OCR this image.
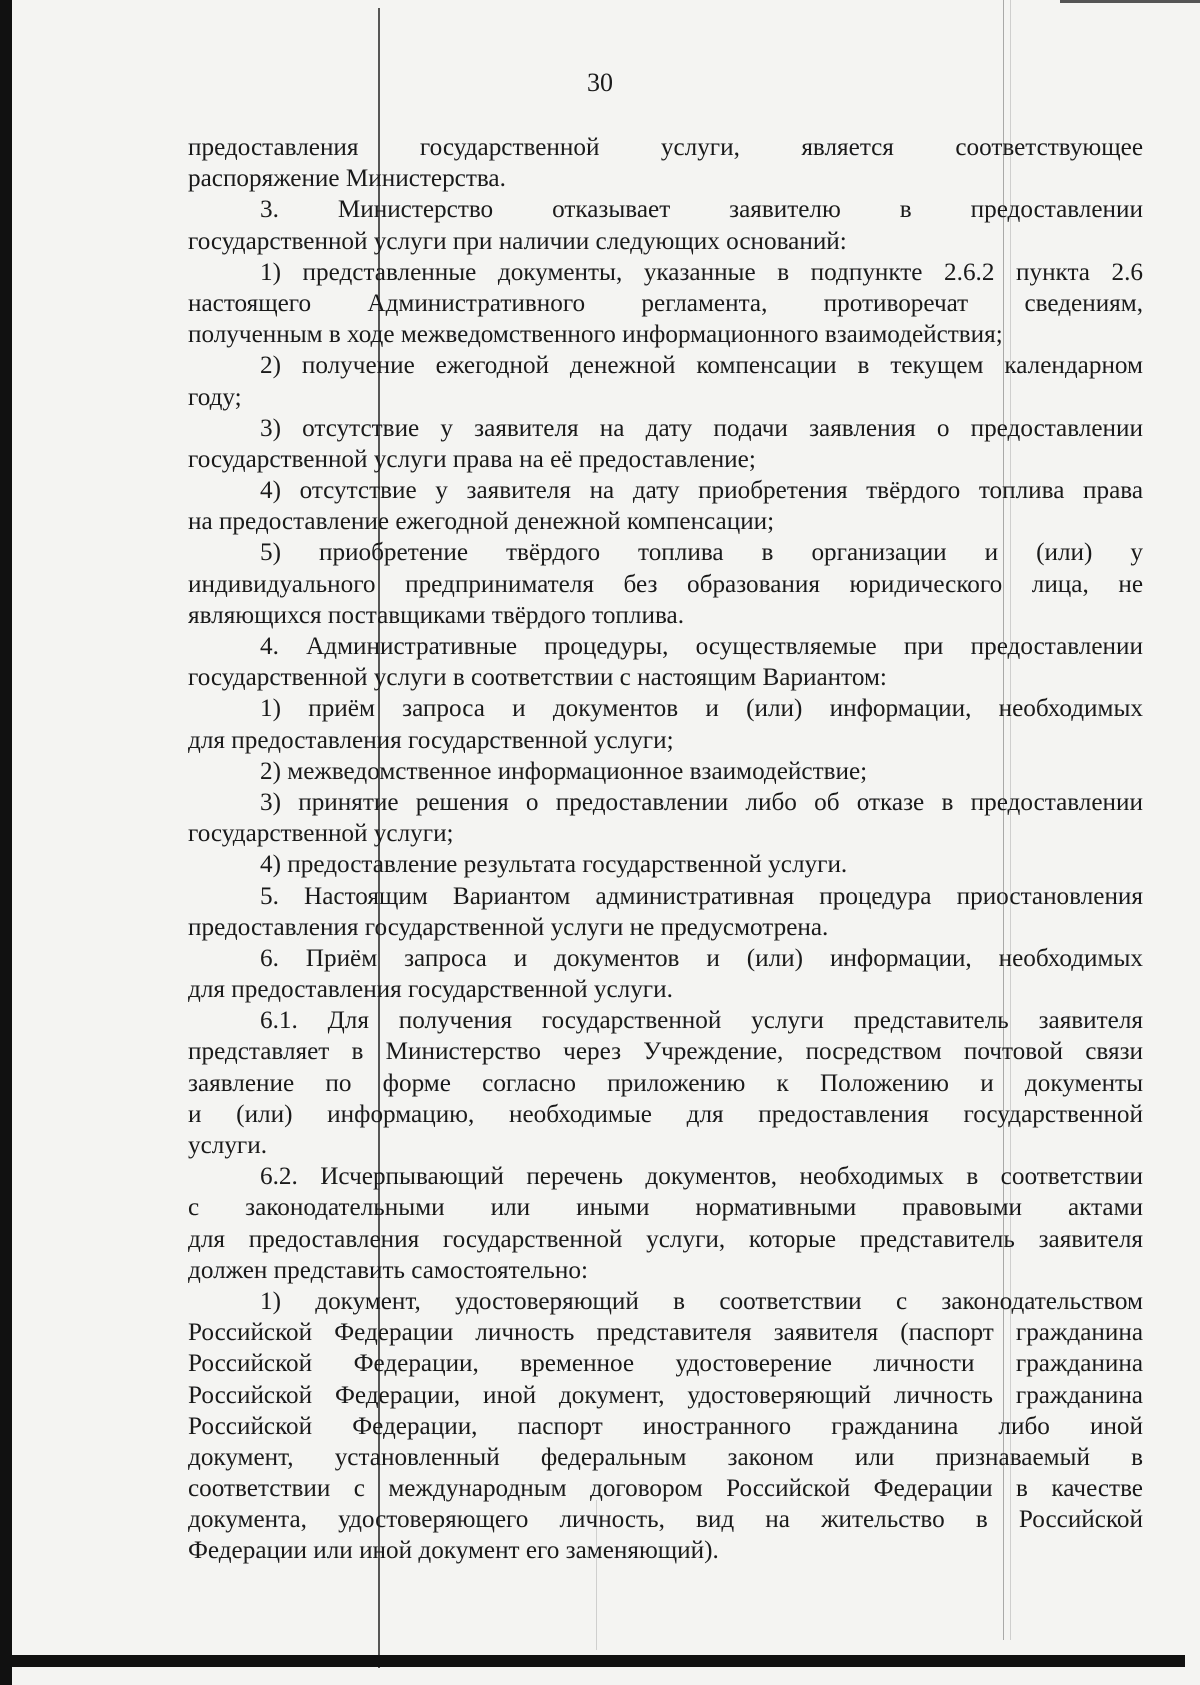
30
предоставления государственной услуги, является соответствующее
распоряжение Министерства.
3. Министерство отказывает заявителю в предоставлении
государственной услуги при наличии следующих оснований:
1) представленные документы, указанные в подпункте 2.6.2 пункта 2.6
настоящего Административного регламента, противоречат сведениям,
полученным в ходе межведомственного информационного взаимодействия;
2) получение ежегодной денежной компенсации в текущем календарном
году;
3) отсутствие у заявителя на дату подачи заявления о предоставлении
государственной услуги права на её предоставление;
4) отсутствие у заявителя на дату приобретения твёрдого топлива права
на предоставление ежегодной денежной компенсации;
5) приобретение твёрдого топлива в организации и (или) у
индивидуального предпринимателя без образования юридического лица, не
являющихся поставщиками твёрдого топлива.
4. Административные процедуры, осуществляемые при предоставлении
государственной услуги в соответствии с настоящим Вариантом:
1) приём запроса и документов и (или) информации, необходимых
для предоставления государственной услуги;
2) межведомственное информационное взаимодействие;
3) принятие решения о предоставлении либо об отказе в предоставлении
государственной услуги;
4) предоставление результата государственной услуги.
5. Настоящим Вариантом административная процедура приостановления
предоставления государственной услуги не предусмотрена.
6. Приём запроса и документов и (или) информации, необходимых
для предоставления государственной услуги.
6.1. Для получения государственной услуги представитель заявителя
представляет в Министерство через Учреждение, посредством почтовой связи
заявление по форме согласно приложению к Положению и документы
и (или) информацию, необходимые для предоставления государственной
услуги.
6.2. Исчерпывающий перечень документов, необходимых в соответствии
с законодательными или иными нормативными правовыми актами
для предоставления государственной услуги, которые представитель заявителя
должен представить самостоятельно:
1) документ, удостоверяющий в соответствии с законодательством
Российской Федерации личность представителя заявителя (паспорт гражданина
Российской Федерации, временное удостоверение личности гражданина
Российской Федерации, иной документ, удостоверяющий личность гражданина
Российской Федерации, паспорт иностранного гражданина либо иной
документ, установленный федеральным законом или признаваемый в
соответствии с международным договором Российской Федерации в качестве
документа, удостоверяющего личность, вид на жительство в Российской
Федерации или иной документ его заменяющий).
